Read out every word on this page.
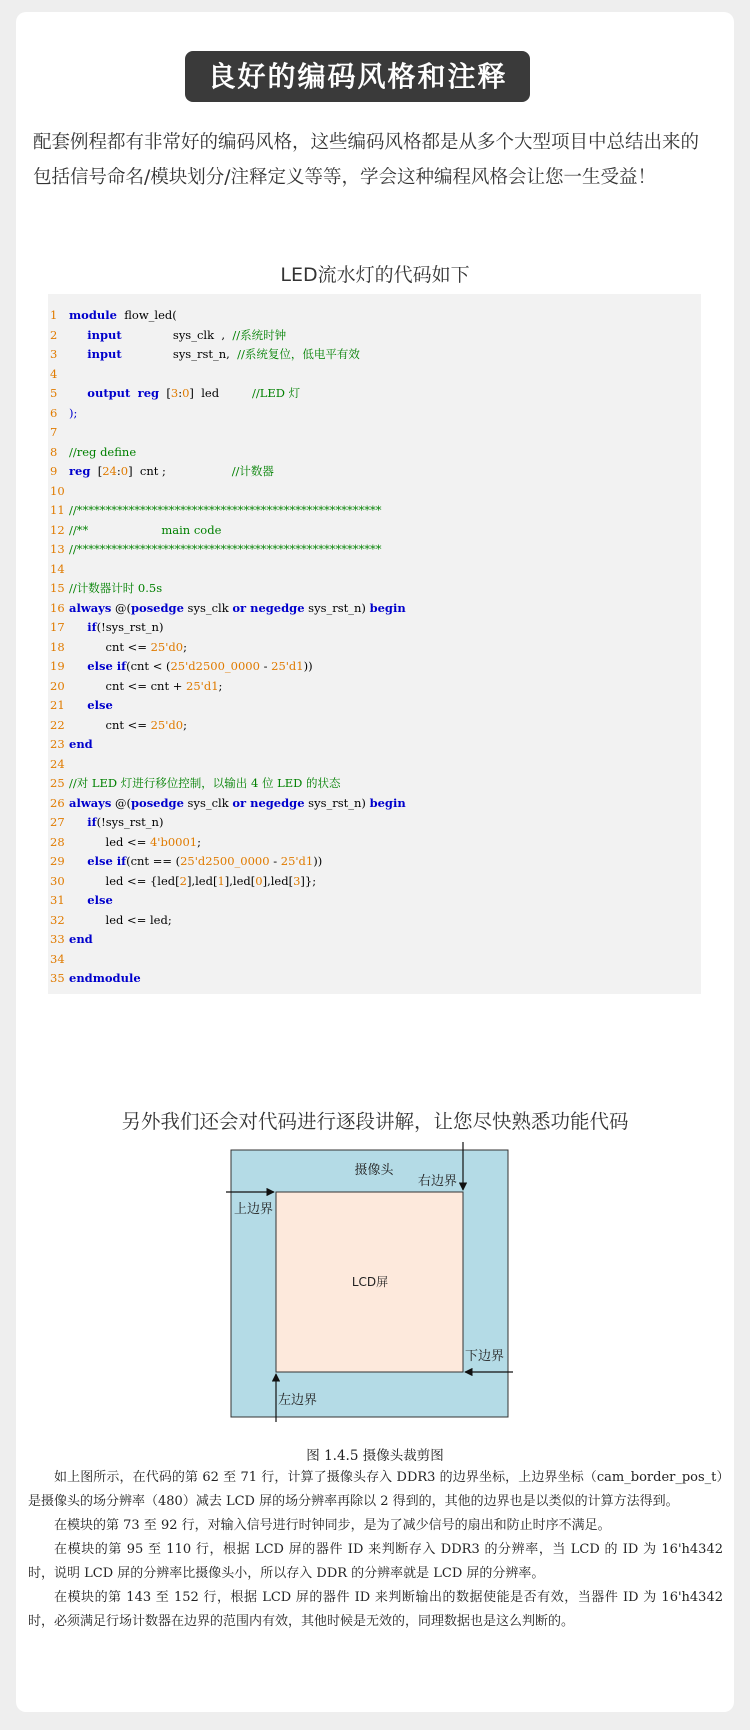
良好的编码风格和注释
配套例程都有非常好的编码风格，这些编码风格都是从多个大型项目中总结出来的
包括信号命名/模块划分/注释定义等等，学会这种编程风格会让您一生受益！
LED流水灯的代码如下
1	module  flow_led(
2	input              sys_clk  ,  //系统时钟
3	input              sys_rst_n,  //系统复位，低电平有效
4
5	output reg  [3:0]  led         //LED 灯
6	);
7
8	//reg define
9	reg  [24:0]  cnt ;                  //计数器
10
11 //*****************************************************
12 //**                    main code
13 //*****************************************************
14
15 //计数器计时 0.5s
16 always @(posedge sys_clk or negedge sys_rst_n) begin
17	if(!sys_rst_n)
18 cnt <= 25'd0;
19	else if(cnt < (25'd2500_0000 - 25'd1))
20 cnt <= cnt + 25'd1;
21	else
22 cnt <= 25'd0;
23 end
24
25 //对 LED 灯进行移位控制，以输出 4 位 LED 的状态
26 always @(posedge sys_clk or negedge sys_rst_n) begin
27	if(!sys_rst_n)
28 led <= 4'b0001;
29	else if(cnt == (25'd2500_0000 - 25'd1))
30 led <= {led[2],led[1],led[0],led[3]};
31	else
32 led <= led;
33 end
34
35 endmodule
另外我们还会对代码进行逐段讲解，让您尽快熟悉功能代码
摄像头
LCD屏
上边界
右边界
下边界
左边界
图 1.4.5 摄像头裁剪图

如上图所示，在代码的第 62 至 71 行，计算了摄像头存入 DDR3 的边界坐标，上边界坐标（cam_border_pos_t）是摄像头的场分辨率（480）减去 LCD 屏的场分辨率再除以 2 得到的，其他的边界也是以类似的计算方法得到。

在模块的第 73 至 92 行，对输入信号进行时钟同步，是为了减少信号的扇出和防止时序不满足。

在模块的第 95 至 110 行，根据 LCD 屏的器件 ID 来判断存入 DDR3 的分辨率，当 LCD 的 ID 为 16'h4342 时，说明 LCD 屏的分辨率比摄像头小，所以存入 DDR 的分辨率就是 LCD 屏的分辨率。

在模块的第 143 至 152 行，根据 LCD 屏的器件 ID 来判断输出的数据使能是否有效，当器件 ID 为 16'h4342 时，必须满足行场计数器在边界的范围内有效，其他时候是无效的，同理数据也是这么判断的。
